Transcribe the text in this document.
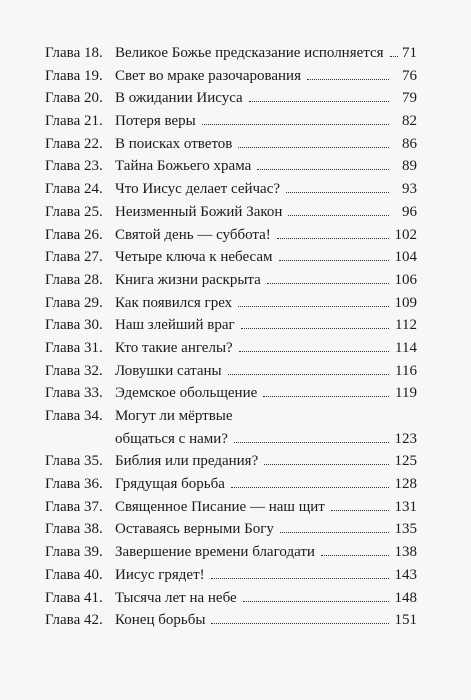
Глава 18. Великое Божье предсказание исполняется	71
Глава 19. Свет во мраке разочарования	76
Глава 20. В ожидании Иисуса	79
Глава 21. Потеря веры	82
Глава 22. В поисках ответов	86
Глава 23. Тайна Божьего храма	89
Глава 24. Что Иисус делает сейчас?	93
Глава 25. Неизменный Божий Закон	96
Глава 26. Святой день — суббота!	102
Глава 27. Четыре ключа к небесам	104
Глава 28. Книга жизни раскрыта	106
Глава 29. Как появился грех	109
Глава 30. Наш злейший враг	112
Глава 31. Кто такие ангелы?	114
Глава 32. Ловушки сатаны	116
Глава 33. Эдемское обольщение	119
Глава 34. Могут ли мёртвые
общаться с нами?	123
Глава 35. Библия или предания?	125
Глава 36. Грядущая борьба	128
Глава 37. Священное Писание — наш щит	131
Глава 38. Оставаясь верными Богу	135
Глава 39. Завершение времени благодати	138
Глава 40. Иисус грядет!	143
Глава 41. Тысяча лет на небе	148
Глава 42. Конец борьбы	151
